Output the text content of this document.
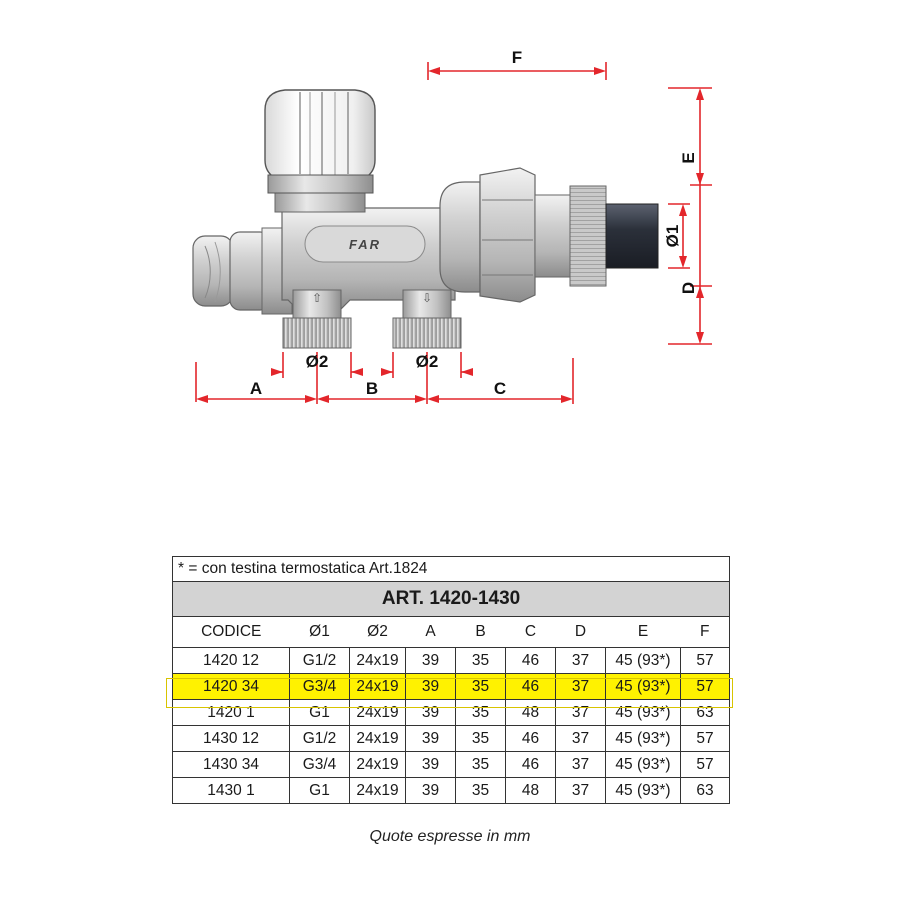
FAR
⇧	⇩
F
Ø2	Ø2
A	B	C
E
Ø1
D
* = con testina termostatica Art.1824								
ART. 1420-1430								
CODICE	Ø1	Ø2	A	B	C	D	E	F
1420 12	G1/2	24x19	39	35	46	37	45 (93*)	57
1420 34	G3/4	24x19	39	35	46	37	45 (93*)	57
1420 1	G1	24x19	39	35	48	37	45 (93*)	63
1430 12	G1/2	24x19	39	35	46	37	45 (93*)	57
1430 34	G3/4	24x19	39	35	46	37	45 (93*)	57
1430 1	G1	24x19	39	35	48	37	45 (93*)	63
Quote espresse in mm
